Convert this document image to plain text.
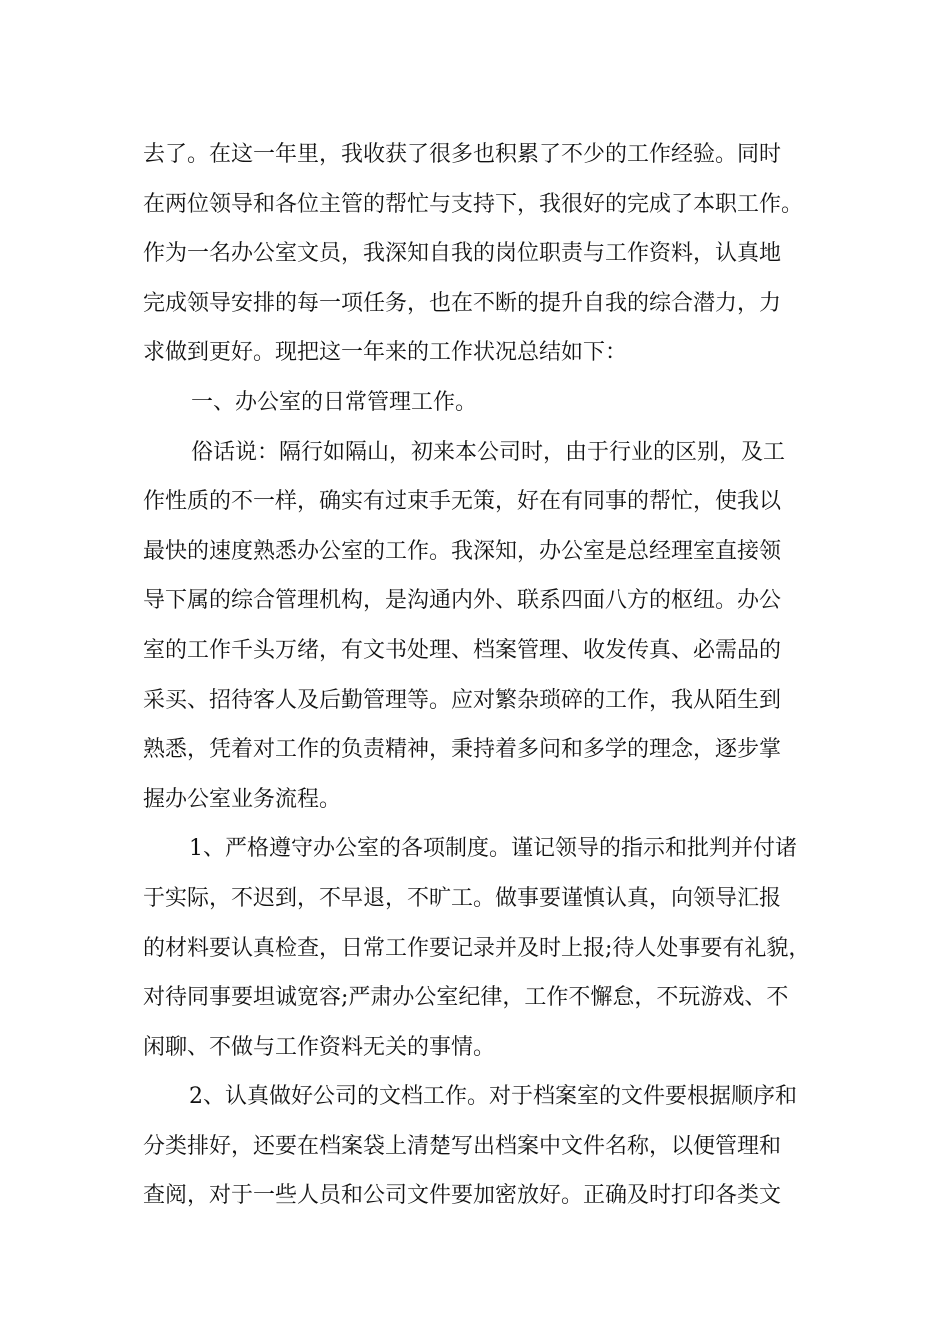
去了。在这一年里，我收获了很多也积累了不少的工作经验。同时
在两位领导和各位主管的帮忙与支持下，我很好的完成了本职工作。
作为一名办公室文员，我深知自我的岗位职责与工作资料，认真地
完成领导安排的每一项任务，也在不断的提升自我的综合潜力，力
求做到更好。现把这一年来的工作状况总结如下：
一、办公室的日常管理工作。
俗话说：隔行如隔山，初来本公司时，由于行业的区别，及工
作性质的不一样，确实有过束手无策，好在有同事的帮忙，使我以
最快的速度熟悉办公室的工作。我深知，办公室是总经理室直接领
导下属的综合管理机构，是沟通内外、联系四面八方的枢纽。办公
室的工作千头万绪，有文书处理、档案管理、收发传真、必需品的
采买、招待客人及后勤管理等。应对繁杂琐碎的工作，我从陌生到
熟悉，凭着对工作的负责精神，秉持着多问和多学的理念，逐步掌
握办公室业务流程。
1、严格遵守办公室的各项制度。谨记领导的指示和批判并付诸
于实际，不迟到，不早退，不旷工。做事要谨慎认真，向领导汇报
的材料要认真检查，日常工作要记录并及时上报;待人处事要有礼貌，
对待同事要坦诚宽容;严肃办公室纪律，工作不懈怠，不玩游戏、不
闲聊、不做与工作资料无关的事情。
2、认真做好公司的文档工作。对于档案室的文件要根据顺序和
分类排好，还要在档案袋上清楚写出档案中文件名称，以便管理和
查阅，对于一些人员和公司文件要加密放好。正确及时打印各类文
